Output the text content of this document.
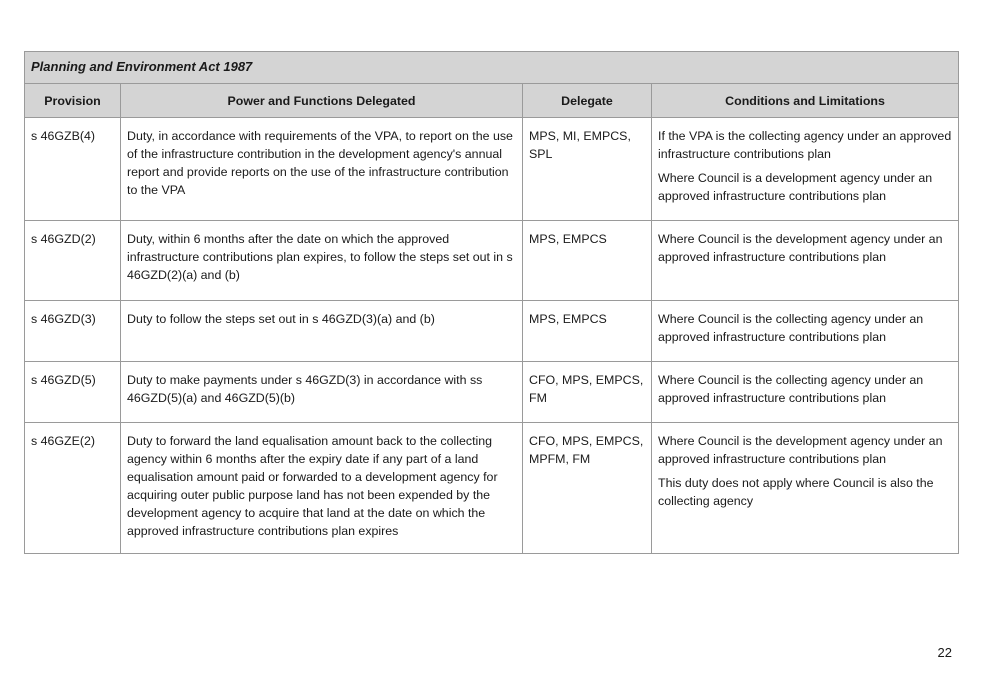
Planning and Environment Act 1987			
Provision	Power and Functions Delegated	Delegate	Conditions and Limitations
s 46GZB(4)	Duty, in accordance with requirements of the VPA, to report on the use of the infrastructure contribution in the development agency's annual report and provide reports on the use of the infrastructure contribution to the VPA	MPS, MI, EMPCS, SPL	If the VPA is the collecting agency under an approved infrastructure contributions plan
Where Council is a development agency under an approved infrastructure contributions plan

s 46GZD(2)	Duty, within 6 months after the date on which the approved infrastructure contributions plan expires, to follow the steps set out in s 46GZD(2)(a) and (b)	MPS, EMPCS	Where Council is the development agency under an approved infrastructure contributions plan

s 46GZD(3)	Duty to follow the steps set out in s 46GZD(3)(a) and (b)	MPS, EMPCS	Where Council is the collecting agency under an approved infrastructure contributions plan

s 46GZD(5)	Duty to make payments under s 46GZD(3) in accordance with ss 46GZD(5)(a) and 46GZD(5)(b)	CFO, MPS, EMPCS, FM	Where Council is the collecting agency under an approved infrastructure contributions plan

s 46GZE(2)	Duty to forward the land equalisation amount back to the collecting agency within 6 months after the expiry date if any part of a land equalisation amount paid or forwarded to a development agency for acquiring outer public purpose land has not been expended by the development agency to acquire that land at the date on which the approved infrastructure contributions plan expires	CFO, MPS, EMPCS, MPFM, FM	Where Council is the development agency under an approved infrastructure contributions plan
This duty does not apply where Council is also the collecting agency
22
